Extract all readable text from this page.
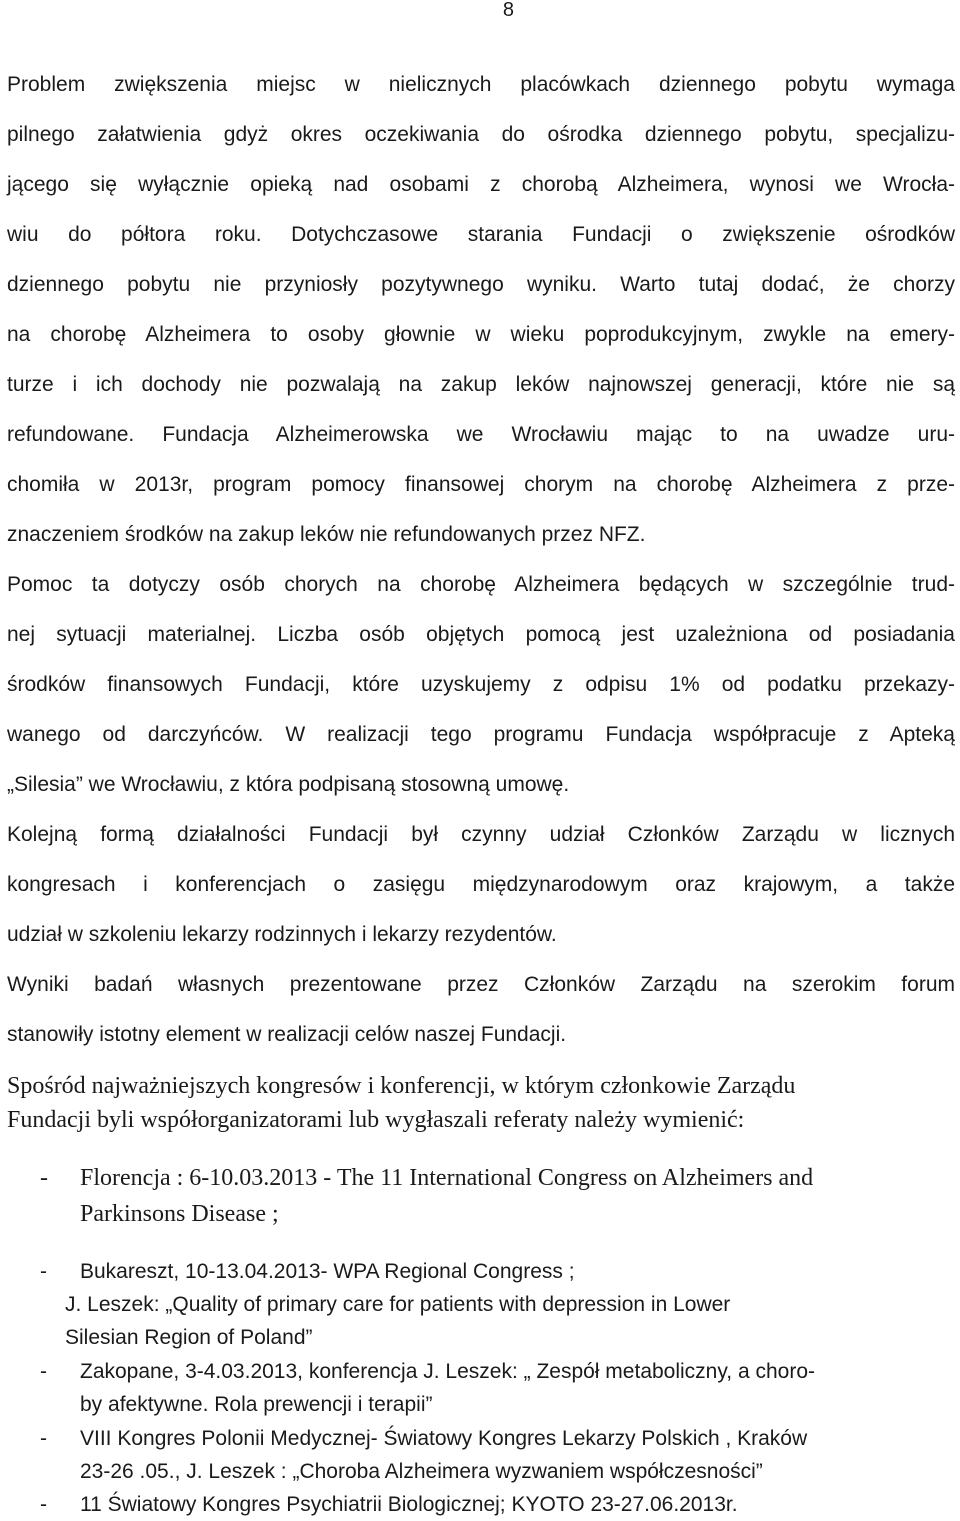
8

Problem zwiększenia miejsc w nielicznych placówkach dziennego pobytu wymaga

pilnego załatwienia gdyż okres oczekiwania do ośrodka dziennego pobytu, specjalizu-

jącego się wyłącznie opieką nad osobami z chorobą Alzheimera, wynosi we Wrocła-

wiu do półtora roku. Dotychczasowe starania Fundacji o zwiększenie ośrodków

dziennego pobytu nie przyniosły pozytywnego wyniku. Warto tutaj dodać, że chorzy

na chorobę Alzheimera to osoby głownie w wieku poprodukcyjnym, zwykle na emery-

turze i ich dochody nie pozwalają na zakup leków najnowszej generacji, które nie są

refundowane. Fundacja Alzheimerowska we Wrocławiu mając to na uwadze uru-

chomiła w 2013r, program pomocy finansowej chorym na chorobę Alzheimera z prze-

znaczeniem środków na zakup leków nie refundowanych przez NFZ.

Pomoc ta dotyczy osób chorych na chorobę Alzheimera będących w szczególnie trud-

nej sytuacji materialnej. Liczba osób objętych pomocą jest uzależniona od posiadania

środków finansowych Fundacji, które uzyskujemy z odpisu 1% od podatku przekazy-

wanego od darczyńców. W realizacji tego programu Fundacja współpracuje z Apteką

„Silesia” we Wrocławiu, z która podpisaną stosowną umowę.

Kolejną formą działalności Fundacji był czynny udział Członków Zarządu w licznych

kongresach i konferencjach o zasięgu międzynarodowym oraz krajowym, a także

udział w szkoleniu lekarzy rodzinnych i lekarzy rezydentów.

Wyniki badań własnych prezentowane przez Członków Zarządu na szerokim forum

stanowiły istotny element w realizacji celów naszej Fundacji.

Spośród najważniejszych kongresów i konferencji, w którym członkowie Zarządu

Fundacji byli współorganizatorami lub wygłaszali referaty należy wymienić:

- Florencja : 6-10.03.2013 - The 11 International Congress on Alzheimers and
Parkinsons Disease ;
- Bukareszt, 10-13.04.2013- WPA Regional Congress ;
J. Leszek: „Quality of primary care for patients with depression in Lower
Silesian Region of Poland”
- Zakopane, 3-4.03.2013, konferencja J. Leszek: „ Zespół metaboliczny, a choro-
by afektywne. Rola prewencji i terapii”
- VIII Kongres Polonii Medycznej- Światowy Kongres Lekarzy Polskich , Kraków
23-26 .05., J. Leszek : „Choroba Alzheimera wyzwaniem współczesności”
- 11 Światowy Kongres Psychiatrii Biologicznej; KYOTO 23-27.06.2013r.
